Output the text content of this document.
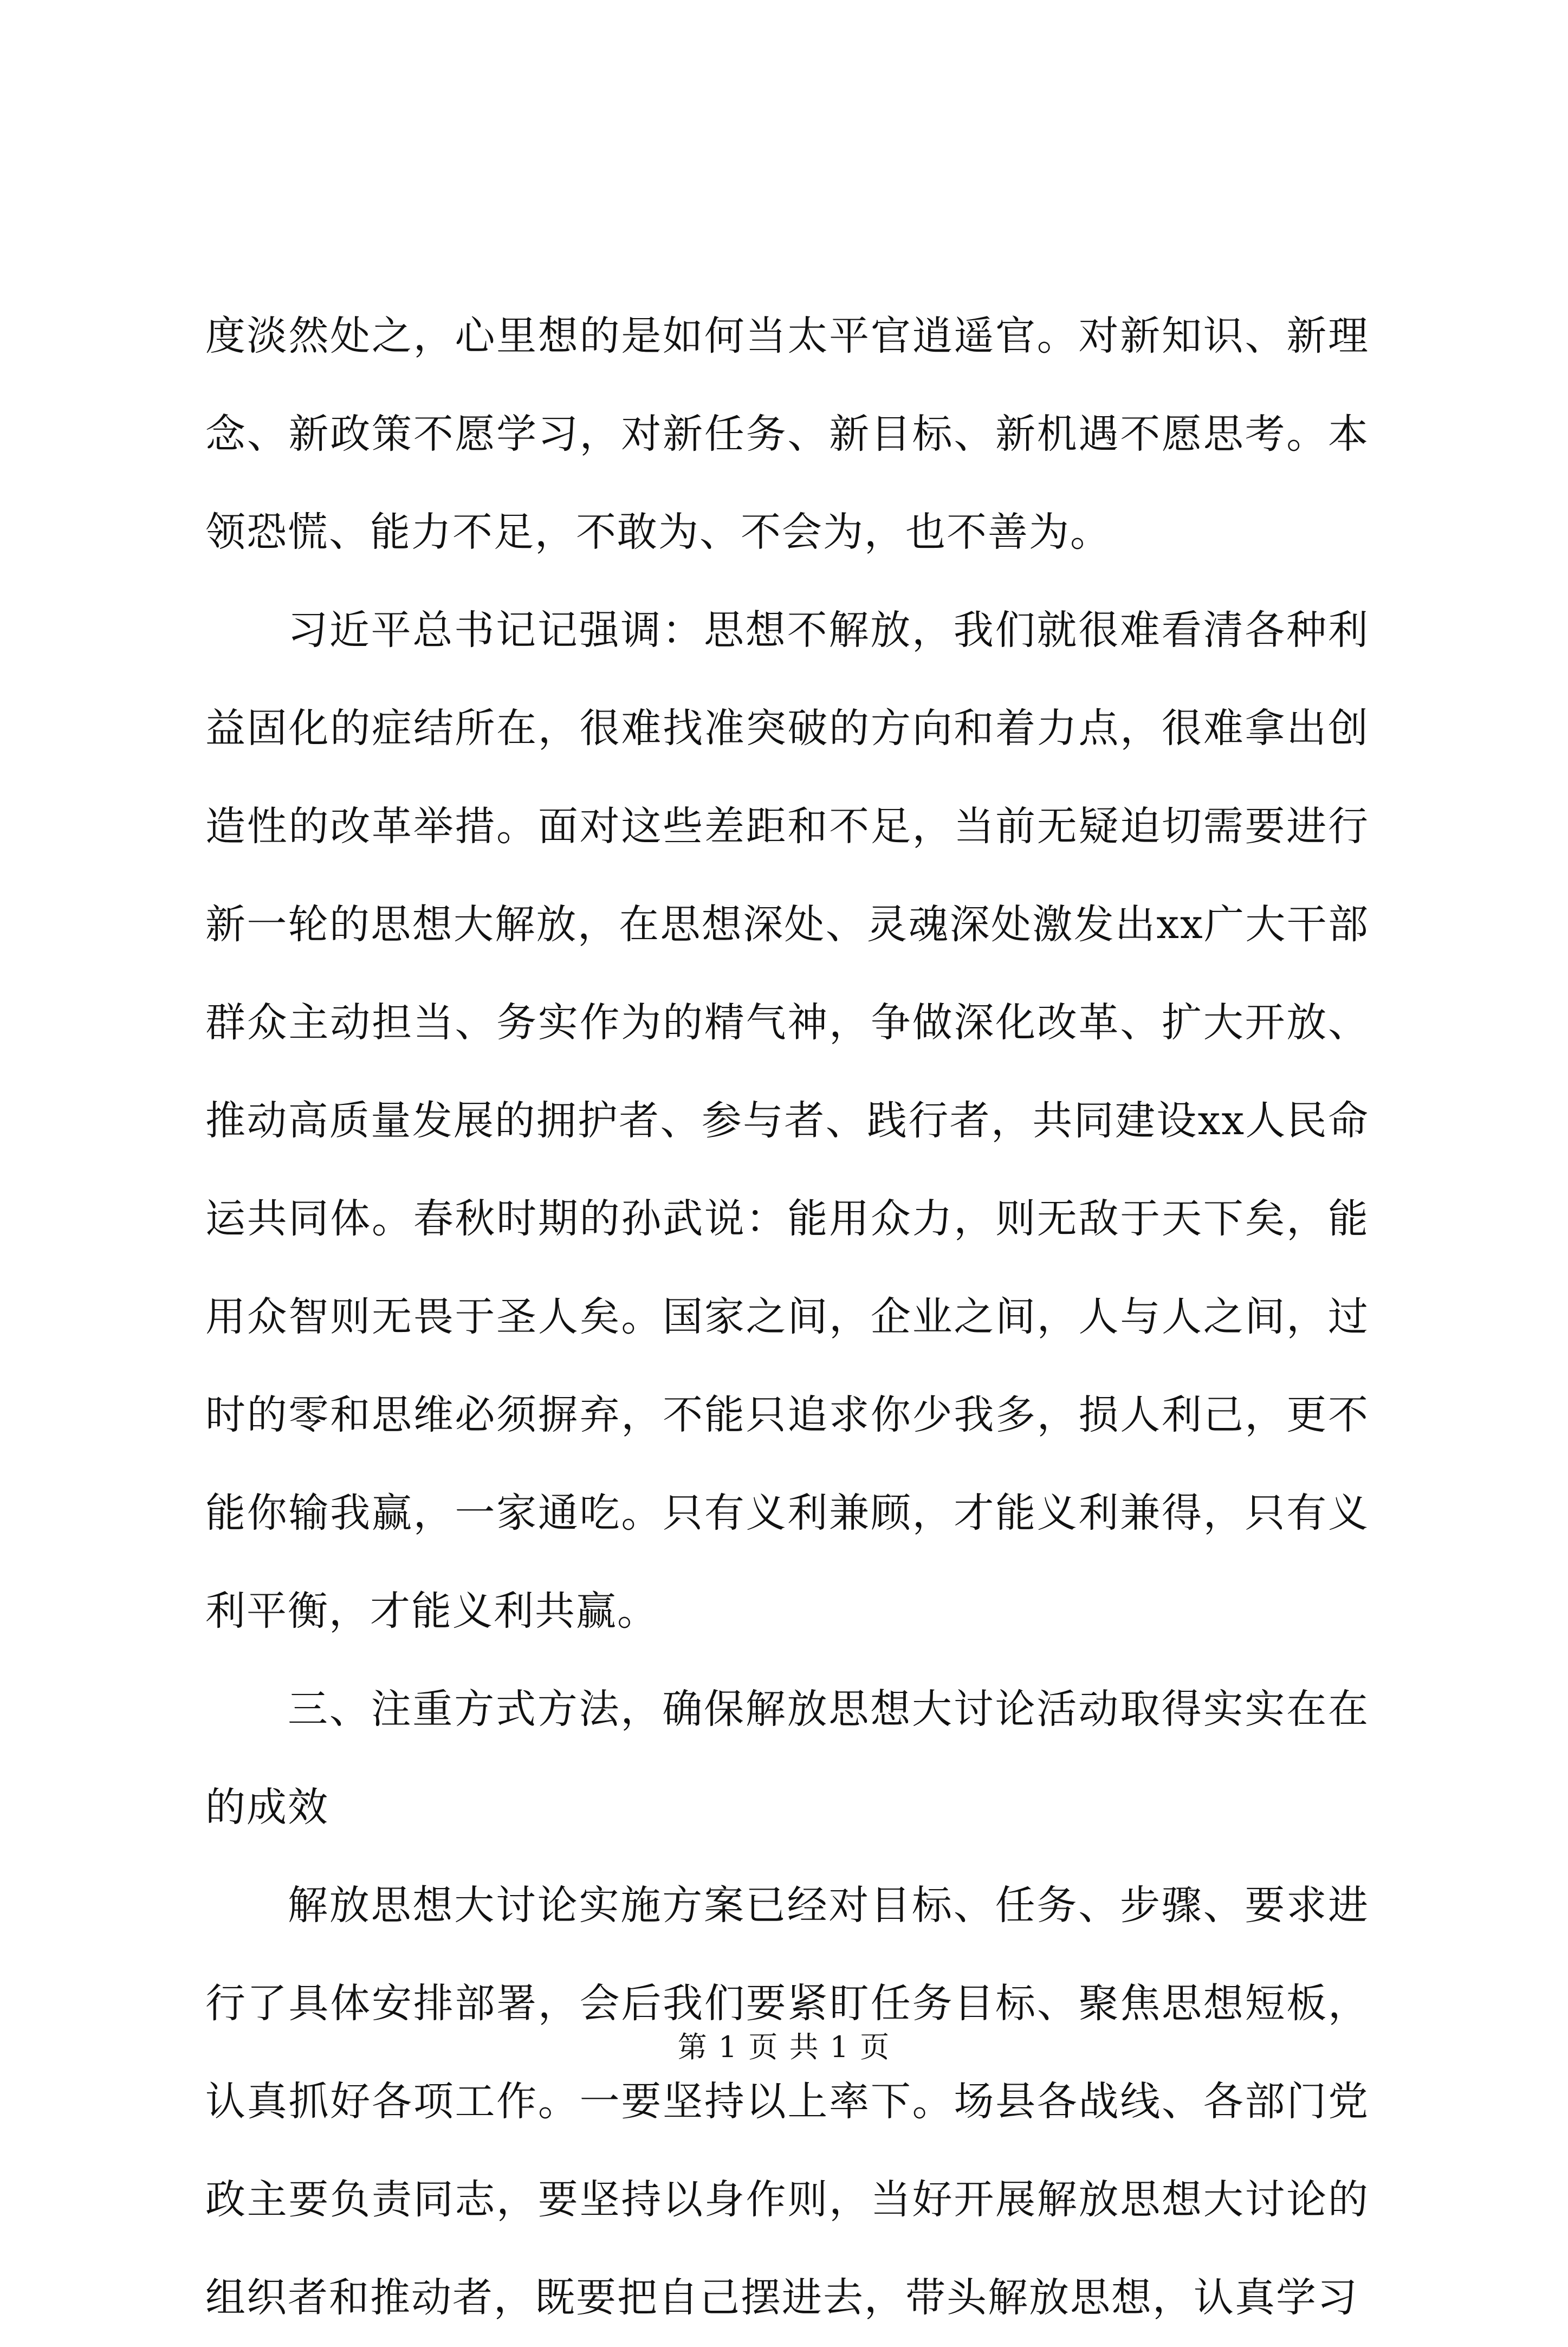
度淡然处之，心里想的是如何当太平官逍遥官。对新知识、新理念、新政策不愿学习，对新任务、新目标、新机遇不愿思考。本领恐慌、能力不足，不敢为、不会为，也不善为。

习近平总书记记强调：思想不解放，我们就很难看清各种利益固化的症结所在，很难找准突破的方向和着力点，很难拿出创造性的改革举措。面对这些差距和不足，当前无疑迫切需要进行新一轮的思想大解放，在思想深处、灵魂深处激发出xx广大干部群众主动担当、务实作为的精气神，争做深化改革、扩大开放、推动高质量发展的拥护者、参与者、践行者，共同建设xx人民命运共同体。春秋时期的孙武说：能用众力，则无敌于天下矣，能用众智则无畏于圣人矣。国家之间，企业之间，人与人之间，过时的零和思维必须摒弃，不能只追求你少我多，损人利己，更不能你输我赢，一家通吃。只有义利兼顾，才能义利兼得，只有义利平衡，才能义利共赢。

三、注重方式方法，确保解放思想大讨论活动取得实实在在的成效

解放思想大讨论实施方案已经对目标、任务、步骤、要求进行了具体安排部署，会后我们要紧盯任务目标、聚焦思想短板，认真抓好各项工作。一要坚持以上率下。场县各战线、各部门党政主要负责同志，要坚持以身作则，当好开展解放思想大讨论的组织者和推动者，既要把自己摆进去，带头解放思想，认真学习

第 1 页 共 1 页
